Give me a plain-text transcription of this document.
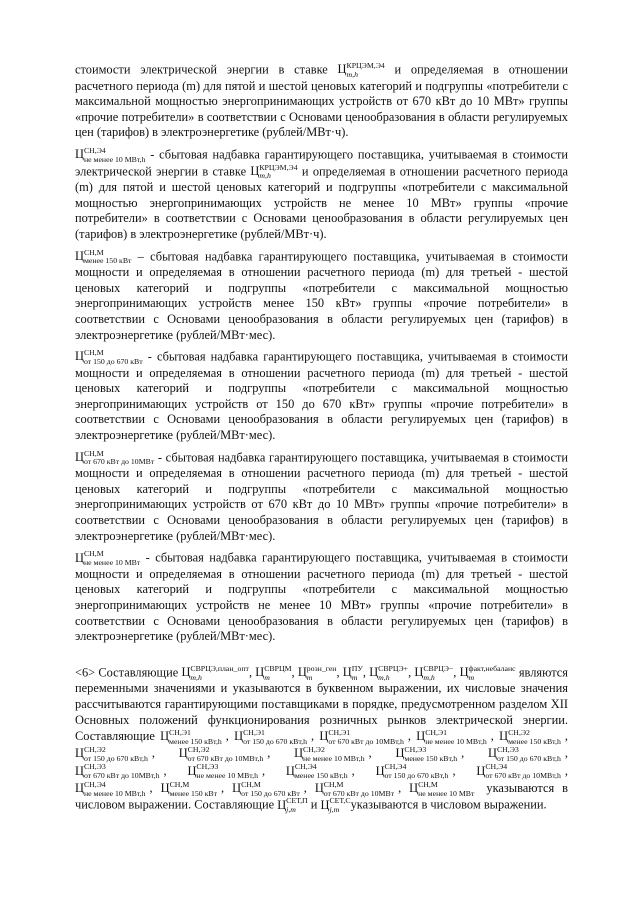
стоимости электрической энергии в ставке Ц КРЦЭМ,Э4
m,h	и определяемая в отношении расчетного периода (m) для пятой и шестой ценовых категорий и подгруппы «потребители с максимальной мощностью энергопринимающих устройств от 670 кВт до 10 МВт» группы «прочие потребители» в соответствии с Основами ценообразования в области регулируемых цен (тарифов) в электроэнергетике (рублей/МВт·ч).
Ц СН,Э4
не менее 10 МВт,h - сбытовая надбавка гарантирующего поставщика, учитываемая в стоимости электрической энергии в ставке Ц КРЦЭМ,Э4
m,h	и определяемая в отношении расчетного периода (m) для пятой и шестой ценовых категорий и подгруппы «потребители с максимальной мощностью энергопринимающих устройств не менее 10 МВт» группы «прочие потребители» в соответствии с Основами ценообразования в области регулируемых цен (тарифов) в электроэнергетике (рублей/МВт·ч).
Ц СН,М
менее 150 кВт – сбытовая надбавка гарантирующего поставщика, учитываемая в стоимости мощности и определяемая в отношении расчетного периода (m) для третьей - шестой ценовых категорий и подгруппы «потребители с максимальной мощностью энергопринимающих устройств менее 150 кВт» группы «прочие потребители» в соответствии с Основами ценообразования в области регулируемых цен (тарифов) в электроэнергетике (рублей/МВт·мес).
Ц СН,М
от 150 до 670 кВт - сбытовая надбавка гарантирующего поставщика, учитываемая в стоимости мощности и определяемая в отношении расчетного периода (m) для третьей - шестой ценовых категорий и подгруппы «потребители с максимальной мощностью энергопринимающих устройств от 150 до 670 кВт» группы «прочие потребители» в соответствии с Основами ценообразования в области регулируемых цен (тарифов) в электроэнергетике (рублей/МВт·мес).
Ц СН,М
от 670 кВт до 10МВт - сбытовая надбавка гарантирующего поставщика, учитываемая в стоимости мощности и определяемая в отношении расчетного периода (m) для третьей - шестой ценовых категорий и подгруппы «потребители с максимальной мощностью энергопринимающих устройств от 670 кВт до 10 МВт» группы «прочие потребители» в соответствии с Основами ценообразования в области регулируемых цен (тарифов) в электроэнергетике (рублей/МВт·мес).
Ц СН,М
не менее 10 МВт - сбытовая надбавка гарантирующего поставщика, учитываемая в стоимости мощности и определяемая в отношении расчетного периода (m) для третьей - шестой ценовых категорий и подгруппы «потребители с максимальной мощностью энергопринимающих устройств не менее 10 МВт» группы «прочие потребители» в соответствии с Основами ценообразования в области регулируемых цен (тарифов) в электроэнергетике (рублей/МВт·мес).
<6> Составляющие Ц СВРЦЭ,план_опт
m,h	, Ц СВРЦМ
m	, Ц розн_ген
m	, Ц ПУ
m , Ц СВРЦЭ+
m,h	, Ц СВРЦЭ−
m,h	, Ц факт,небаланс
m	являются переменными значениями и указываются в буквенном выражении, их числовые значения рассчитываются гарантирующими поставщиками в порядке, предусмотренном разделом XII Основных положений функционирования розничных рынков электрической энергии. Составляющие Ц СН,Э1
менее 150 кВт,h , Ц СН,Э1
от 150 до 670 кВт,h , Ц СН,Э1
от 670 кВт до 10МВт,h , Ц СН,Э1
не менее 10 МВт,h , Ц СН,Э2
менее 150 кВт,h , Ц СН,Э2
от 150 до 670 кВт,h , Ц СН,Э2
от 670 кВт до 10МВт,h , Ц СН,Э2
не менее 10 МВт,h , Ц СН,Э3
менее 150 кВт,h , Ц СН,Э3
от 150 до 670 кВт,h , Ц СН,Э3
от 670 кВт до 10МВт,h , Ц СН,Э3
не менее 10 МВт,h , Ц СН,Э4
менее 150 кВт,h , Ц СН,Э4
от 150 до 670 кВт,h , Ц СН,Э4
от 670 кВт до 10МВт,h , Ц СН,Э4
не менее 10 МВт,h , Ц СН,М
менее 150 кВт , Ц СН,М
от 150 до 670 кВт , Ц СН,М
от 670 кВт до 10МВт , Ц СН,М
не менее 10 МВт указываются в числовом выражении. Составляющие Ц СЕТ,П
j,m и Ц СЕТ,С
j,m указываются в числовом выражении.
